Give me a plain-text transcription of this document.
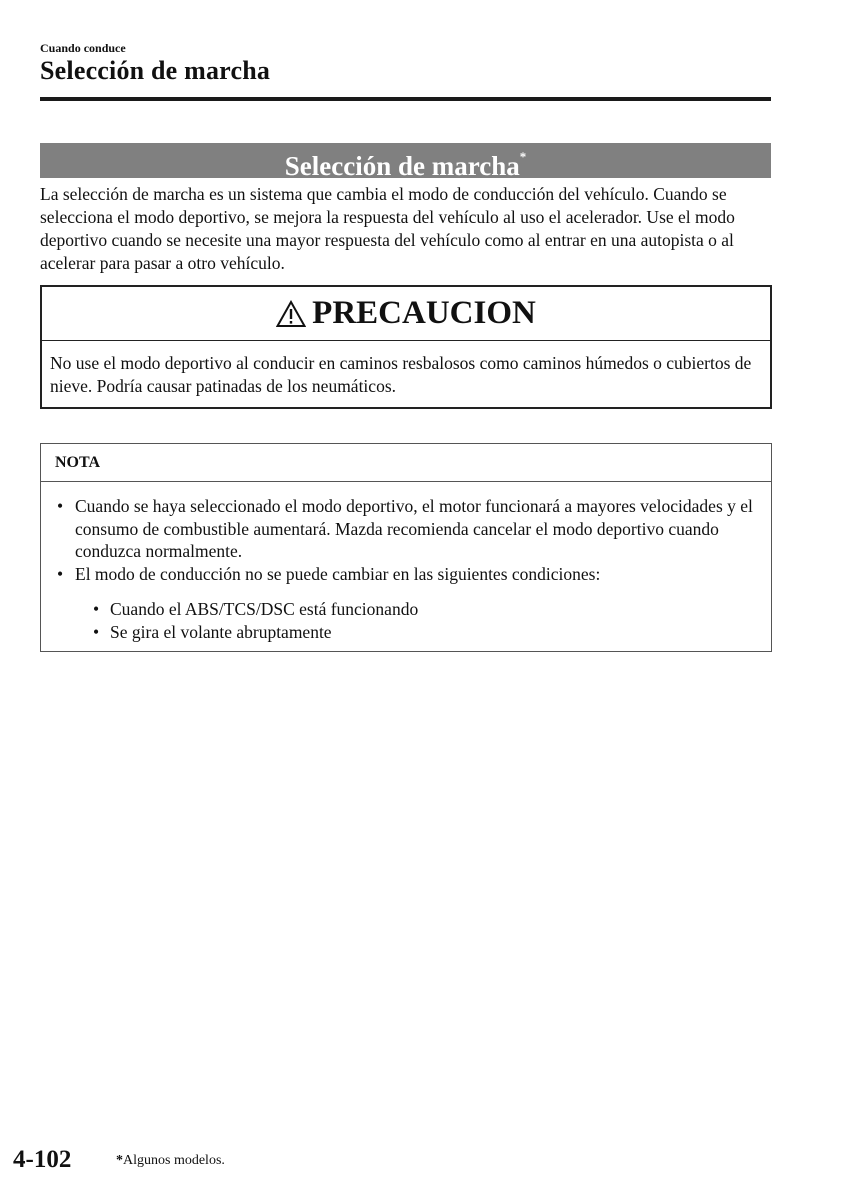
Cuando conduce
Selección de marcha
Selección de marcha*

La selección de marcha es un sistema que cambia el modo de conducción del vehículo. Cuando se selecciona el modo deportivo, se mejora la respuesta del vehículo al uso el acelerador. Use el modo deportivo cuando se necesite una mayor respuesta del vehículo como al entrar en una autopista o al acelerar para pasar a otro vehículo.

PRECAUCION

No use el modo deportivo al conducir en caminos resbalosos como caminos húmedos o cubiertos de nieve. Podría causar patinadas de los neumáticos.

NOTA
• Cuando se haya seleccionado el modo deportivo, el motor funcionará a mayores velocidades y el consumo de combustible aumentará. Mazda recomienda cancelar el modo deportivo cuando conduzca normalmente.
• El modo de conducción no se puede cambiar en las siguientes condiciones:
• Cuando el ABS/TCS/DSC está funcionando
• Se gira el volante abruptamente
4-102	*Algunos modelos.
